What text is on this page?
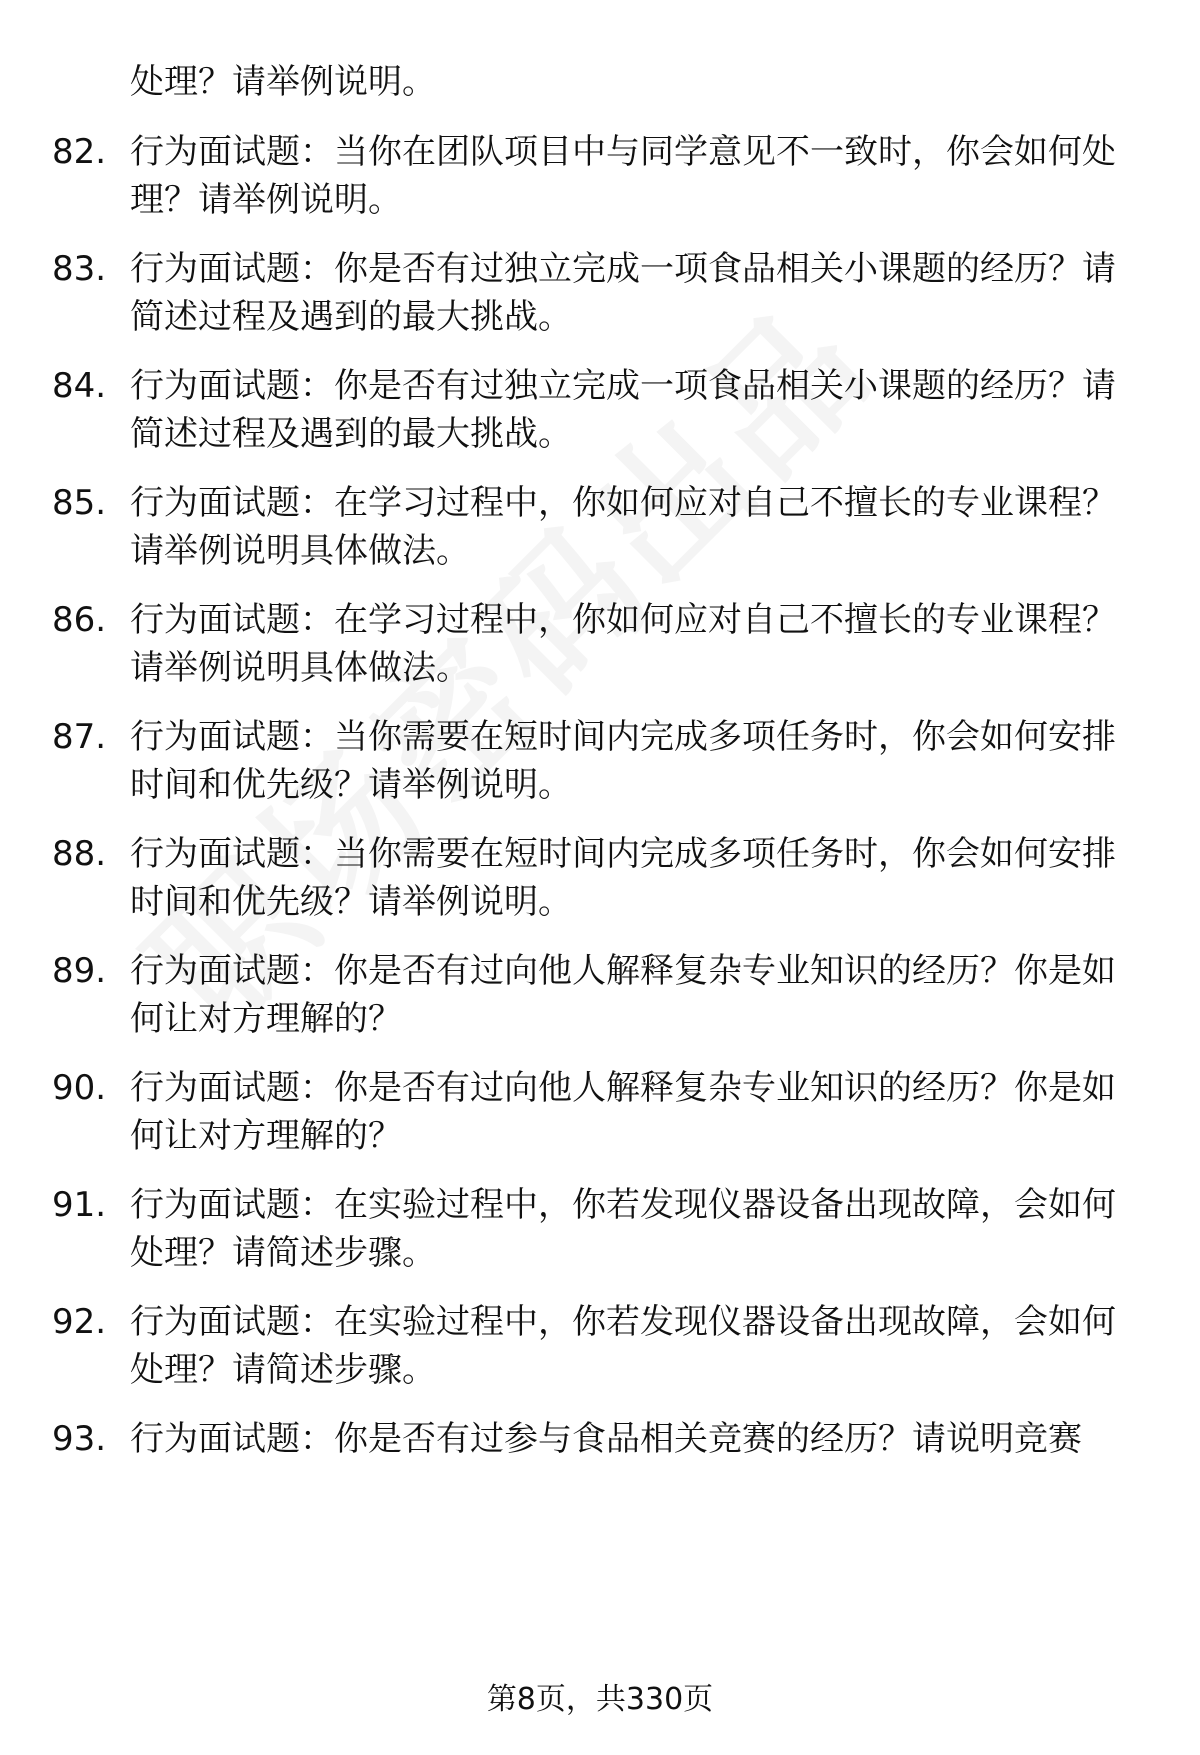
处理？请举例说明。
82. 行为面试题：当你在团队项目中与同学意见不一致时，你会如何处理？请举例说明。
83. 行为面试题：你是否有过独立完成一项食品相关小课题的经历？请简述过程及遇到的最大挑战。
84. 行为面试题：你是否有过独立完成一项食品相关小课题的经历？请简述过程及遇到的最大挑战。
85. 行为面试题：在学习过程中，你如何应对自己不擅长的专业课程？请举例说明具体做法。
86. 行为面试题：在学习过程中，你如何应对自己不擅长的专业课程？请举例说明具体做法。
87. 行为面试题：当你需要在短时间内完成多项任务时，你会如何安排时间和优先级？请举例说明。
88. 行为面试题：当你需要在短时间内完成多项任务时，你会如何安排时间和优先级？请举例说明。
89. 行为面试题：你是否有过向他人解释复杂专业知识的经历？你是如何让对方理解的？
90. 行为面试题：你是否有过向他人解释复杂专业知识的经历？你是如何让对方理解的？
91. 行为面试题：在实验过程中，你若发现仪器设备出现故障，会如何处理？请简述步骤。
92. 行为面试题：在实验过程中，你若发现仪器设备出现故障，会如何处理？请简述步骤。
93. 行为面试题：你是否有过参与食品相关竞赛的经历？请说明竞赛
第8页，共330页
